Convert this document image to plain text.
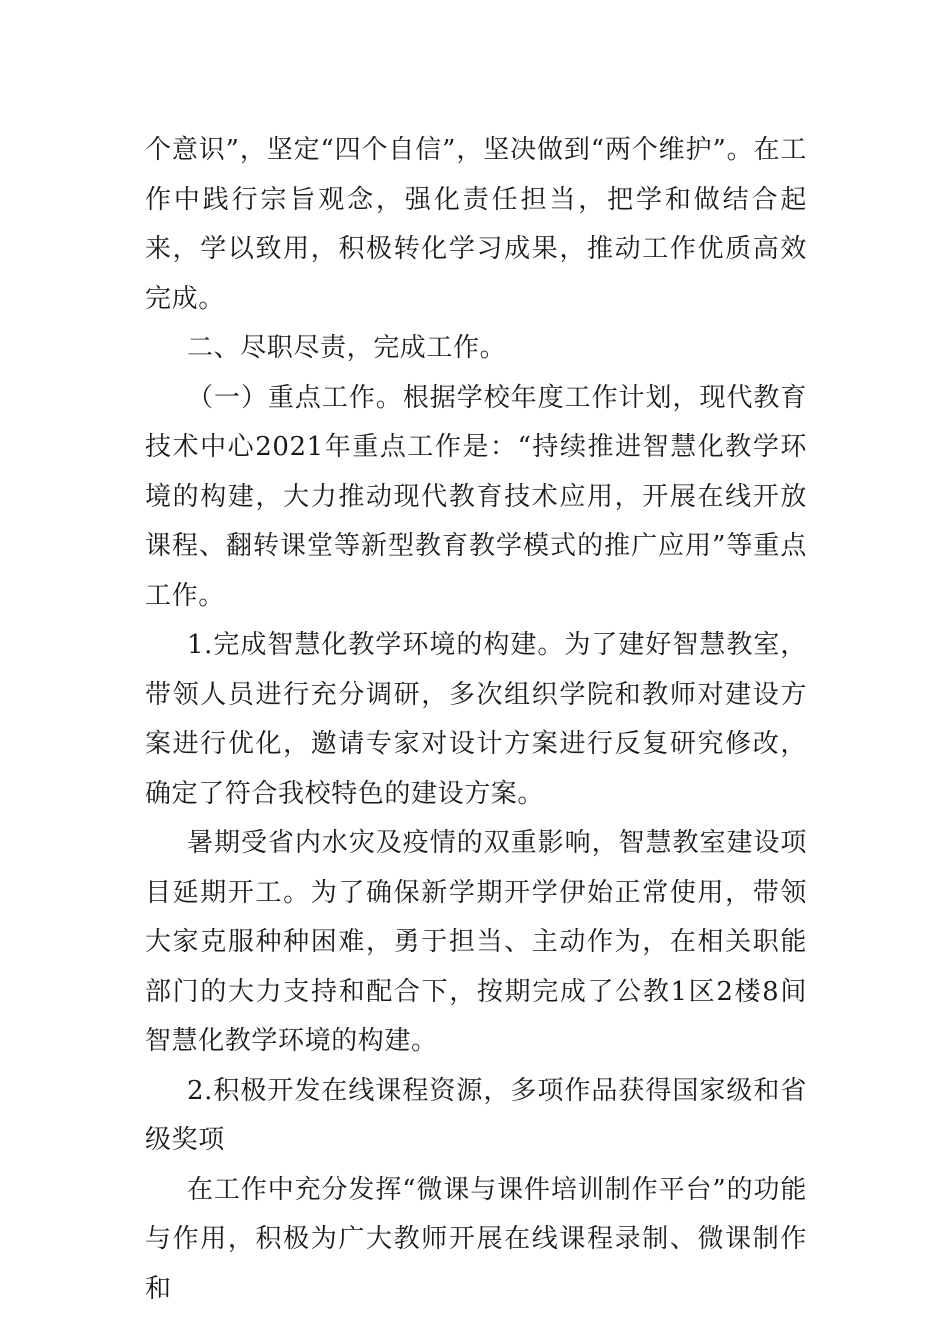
个意识”，坚定“四个自信”，坚决做到“两个维护”。在工作中践行宗旨观念，强化责任担当，把学和做结合起来，学以致用，积极转化学习成果，推动工作优质高效完成。

二、尽职尽责，完成工作。

（一）重点工作。根据学校年度工作计划，现代教育技术中心2021年重点工作是：“持续推进智慧化教学环境的构建，大力推动现代教育技术应用，开展在线开放课程、翻转课堂等新型教育教学模式的推广应用”等重点工作。

1.完成智慧化教学环境的构建。为了建好智慧教室，带领人员进行充分调研，多次组织学院和教师对建设方案进行优化，邀请专家对设计方案进行反复研究修改，确定了符合我校特色的建设方案。

暑期受省内水灾及疫情的双重影响，智慧教室建设项目延期开工。为了确保新学期开学伊始正常使用，带领大家克服种种困难，勇于担当、主动作为，在相关职能部门的大力支持和配合下，按期完成了公教1区2楼8间智慧化教学环境的构建。

2.积极开发在线课程资源，多项作品获得国家级和省级奖项

在工作中充分发挥“微课与课件培训制作平台”的功能与作用，积极为广大教师开展在线课程录制、微课制作和
